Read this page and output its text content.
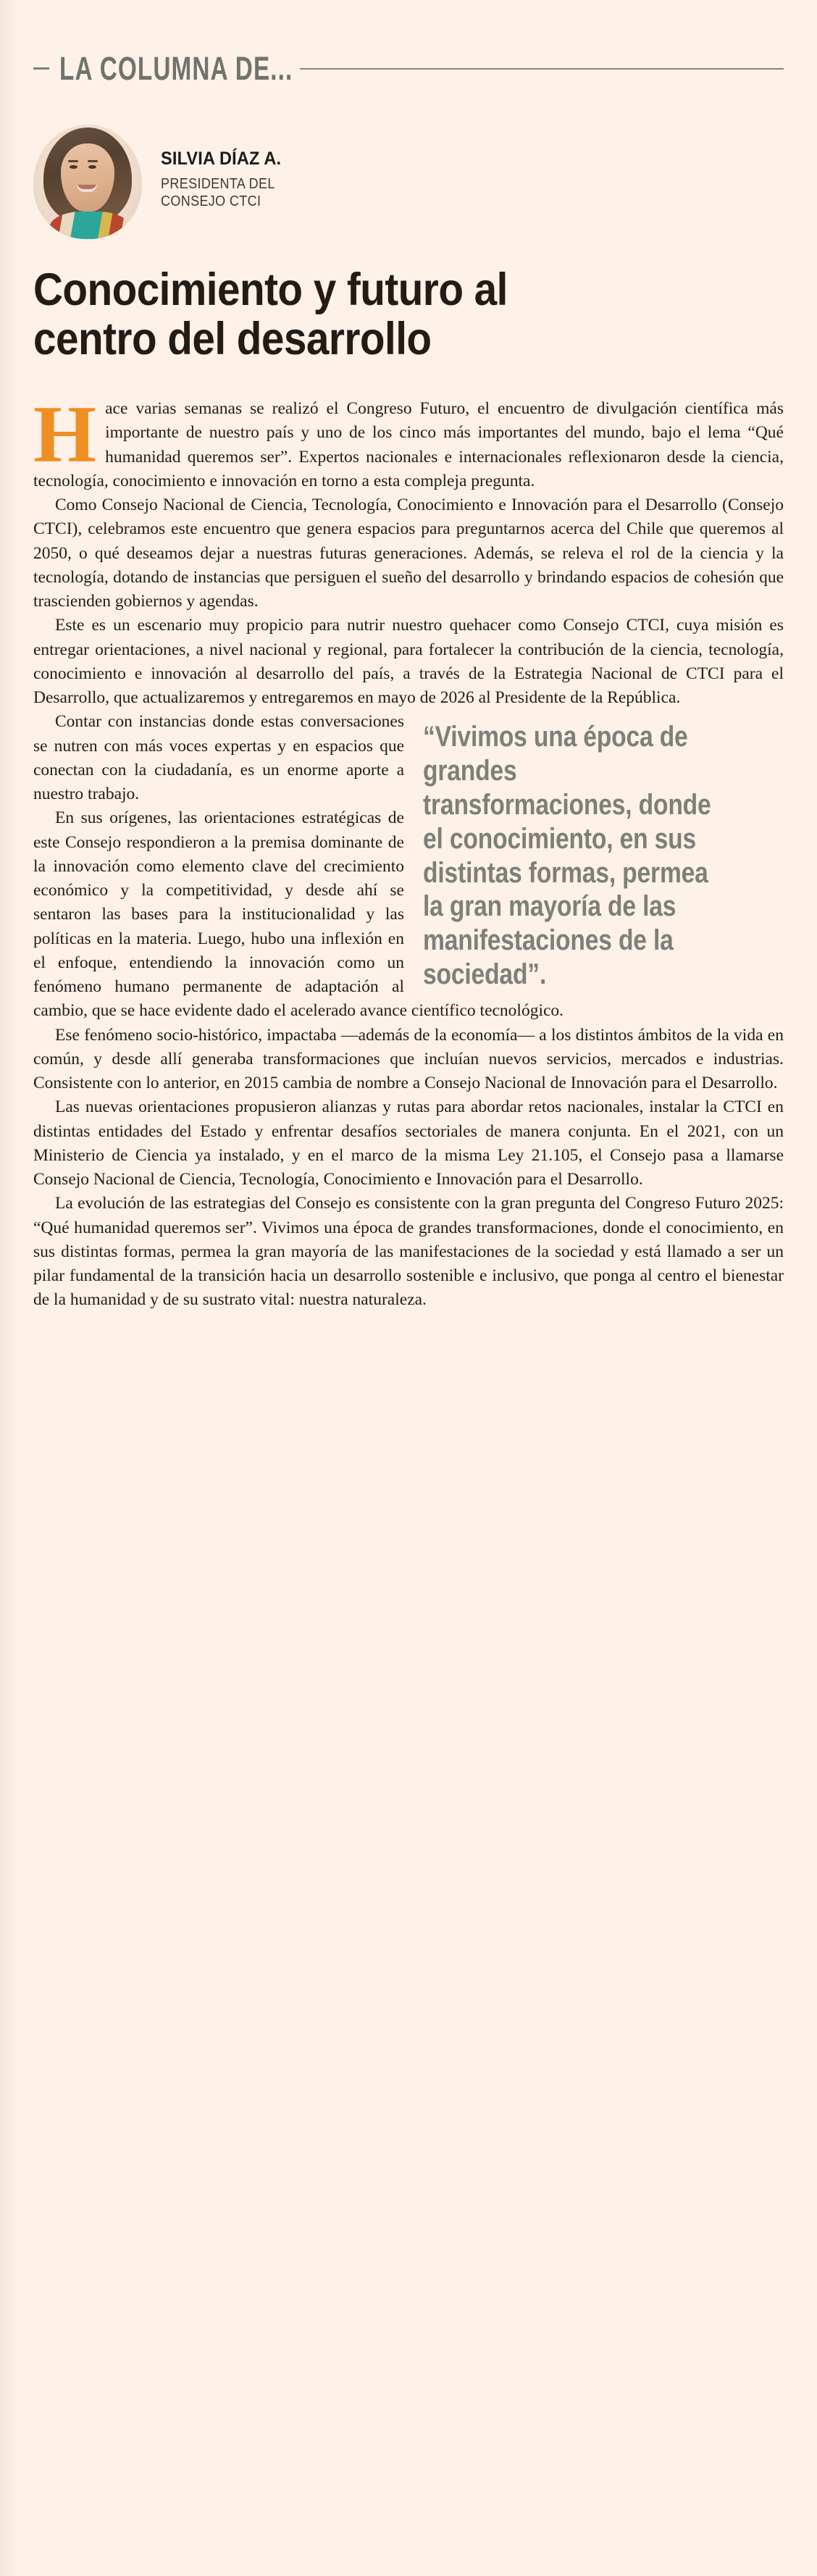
LA COLUMNA DE...
SILVIA DÍAZ A.
PRESIDENTA DEL
CONSEJO CTCI
Conocimiento y futuro al
centro del desarrollo

Hace varias semanas se realizó el Congreso Futuro, el encuentro de divulgación científica más importante de nuestro país y uno de los cinco más importantes del mundo, bajo el lema “Qué humanidad queremos ser”. Expertos nacionales e internacionales reflexionaron desde la ciencia, tecnología, conocimiento e innovación en torno a esta compleja pregunta.

Como Consejo Nacional de Ciencia, Tecnología, Conocimiento e Innovación para el Desarrollo (Consejo CTCI), celebramos este encuentro que genera espacios para preguntarnos acerca del Chile que queremos al 2050, o qué deseamos dejar a nuestras futuras generaciones. Además, se releva el rol de la ciencia y la tecnología, dotando de instancias que persiguen el sueño del desarrollo y brindando espacios de cohesión que trascienden gobiernos y agendas.

Este es un escenario muy propicio para nutrir nuestro quehacer como Consejo CTCI, cuya misión es entregar orientaciones, a nivel nacional y regional, para fortalecer la contribución de la ciencia, tecnología, conocimiento e innovación al desarrollo del país, a través de la Estrategia Nacional de CTCI para el Desarrollo, que actualizaremos y entregaremos en mayo de 2026 al Presidente de la República.

“Vivimos una época de grandes transformaciones, donde el conocimiento, en sus distintas formas, permea la gran mayoría de las manifestaciones de la sociedad”.

Contar con instancias donde estas conversaciones se nutren con más voces expertas y en espacios que conectan con la ciudadanía, es un enorme aporte a nuestro trabajo.

En sus orígenes, las orientaciones estratégicas de este Consejo respondieron a la premisa dominante de la innovación como elemento clave del crecimiento económico y la competitividad, y desde ahí se sentaron las bases para la institucionalidad y las políticas en la materia. Luego, hubo una inflexión en el enfoque, entendiendo la innovación como un fenómeno humano permanente de adaptación al cambio, que se hace evidente dado el acelerado avance científico tecnológico.

Ese fenómeno socio-histórico, impactaba —además de la economía— a los distintos ámbitos de la vida en común, y desde allí generaba transformaciones que incluían nuevos servicios, mercados e industrias. Consistente con lo anterior, en 2015 cambia de nombre a Consejo Nacional de Innovación para el Desarrollo.

Las nuevas orientaciones propusieron alianzas y rutas para abordar retos nacionales, instalar la CTCI en distintas entidades del Estado y enfrentar desafíos sectoriales de manera conjunta. En el 2021, con un Ministerio de Ciencia ya instalado, y en el marco de la misma Ley 21.105, el Consejo pasa a llamarse Consejo Nacional de Ciencia, Tecnología, Conocimiento e Innovación para el Desarrollo.

La evolución de las estrategias del Consejo es consistente con la gran pregunta del Congreso Futuro 2025: “Qué humanidad queremos ser”. Vivimos una época de grandes transformaciones, donde el conocimiento, en sus distintas formas, permea la gran mayoría de las manifestaciones de la sociedad y está llamado a ser un pilar fundamental de la transición hacia un desarrollo sostenible e inclusivo, que ponga al centro el bienestar de la humanidad y de su sustrato vital: nuestra naturaleza.
